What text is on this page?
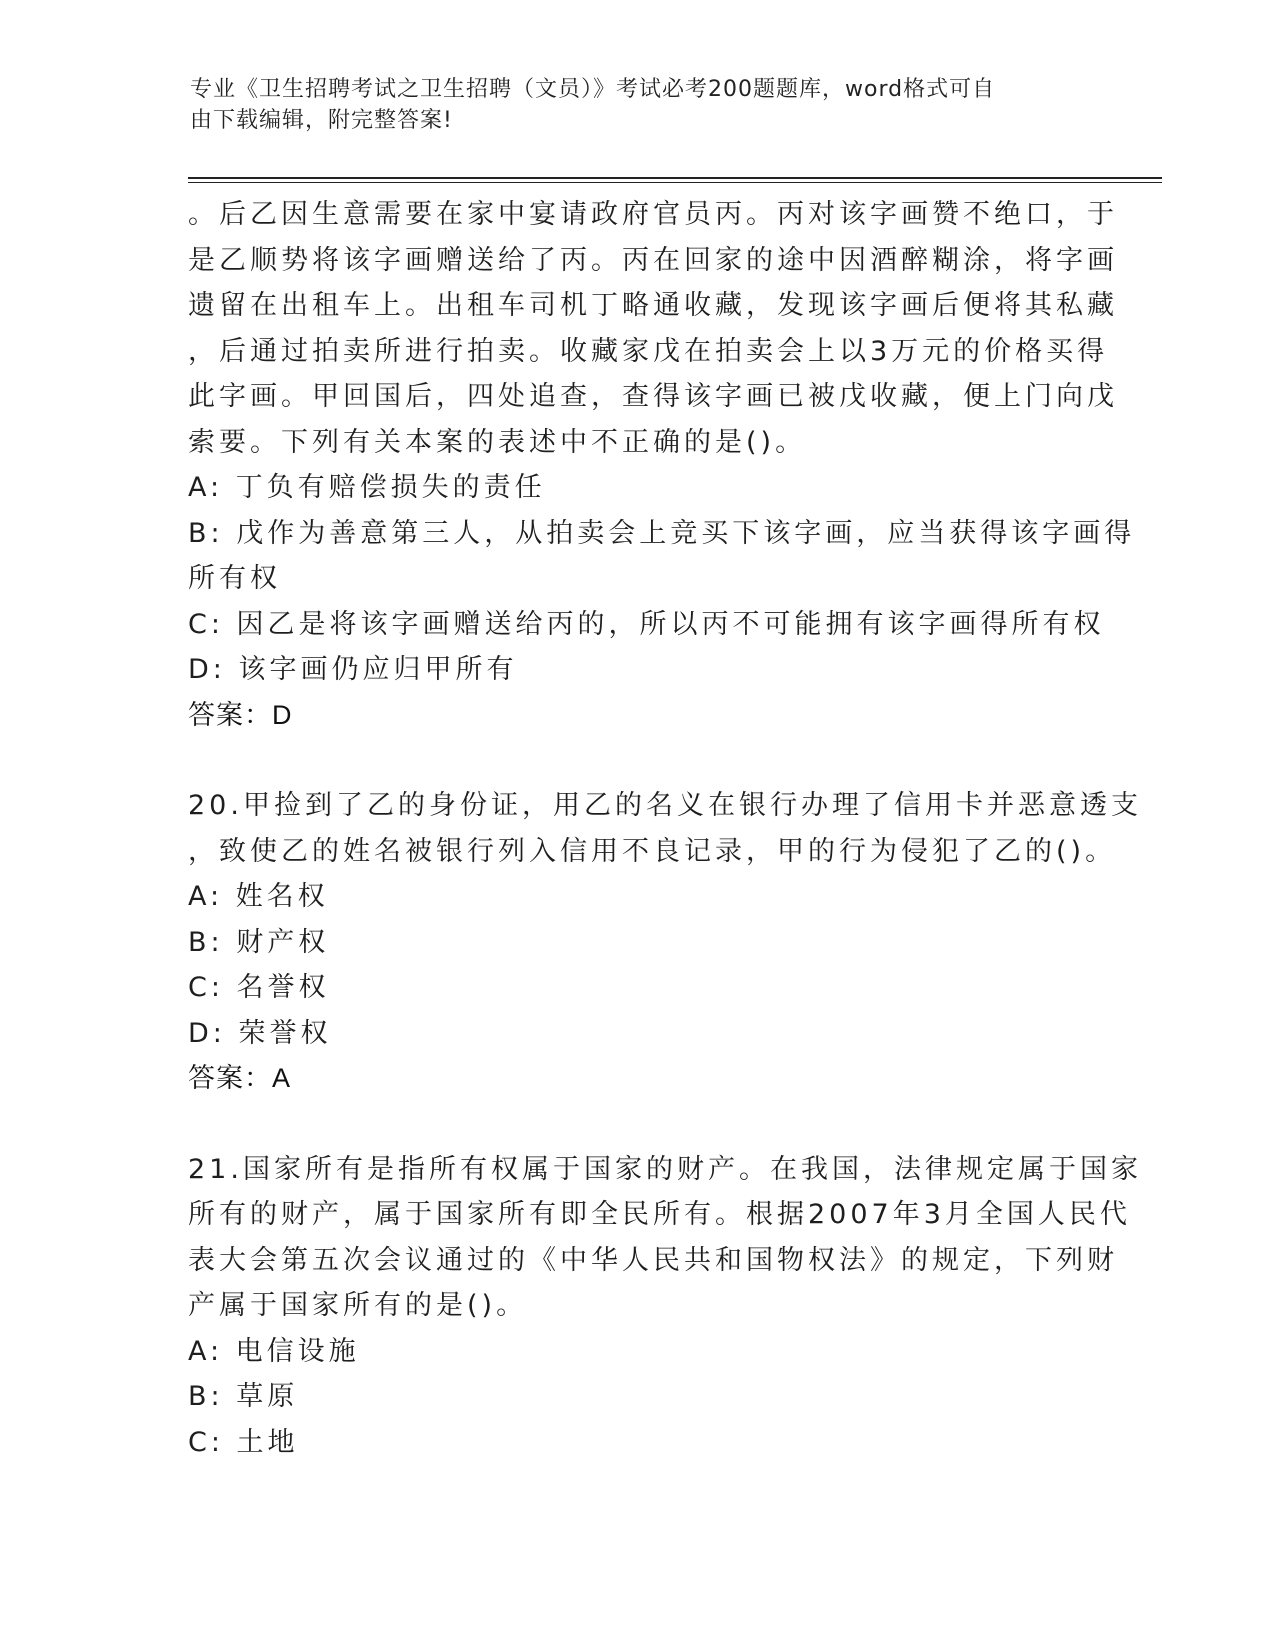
专业《卫生招聘考试之卫生招聘（文员）》考试必考200题题库，word格式可自
由下载编辑，附完整答案!
。后乙因生意需要在家中宴请政府官员丙。丙对该字画赞不绝口，于
是乙顺势将该字画赠送给了丙。丙在回家的途中因酒醉糊涂，将字画
遗留在出租车上。出租车司机丁略通收藏，发现该字画后便将其私藏
，后通过拍卖所进行拍卖。收藏家戊在拍卖会上以3万元的价格买得
此字画。甲回国后，四处追查，查得该字画已被戊收藏，便上门向戊
索要。下列有关本案的表述中不正确的是()。
A: 丁负有赔偿损失的责任
B: 戊作为善意第三人，从拍卖会上竞买下该字画，应当获得该字画得
所有权
C: 因乙是将该字画赠送给丙的，所以丙不可能拥有该字画得所有权
D: 该字画仍应归甲所有
答案：D
20.甲捡到了乙的身份证，用乙的名义在银行办理了信用卡并恶意透支
，致使乙的姓名被银行列入信用不良记录，甲的行为侵犯了乙的()。
A: 姓名权
B: 财产权
C: 名誉权
D: 荣誉权
答案：A
21.国家所有是指所有权属于国家的财产。在我国，法律规定属于国家
所有的财产，属于国家所有即全民所有。根据2007年3月全国人民代
表大会第五次会议通过的《中华人民共和国物权法》的规定，下列财
产属于国家所有的是()。
A: 电信设施
B: 草原
C: 土地
